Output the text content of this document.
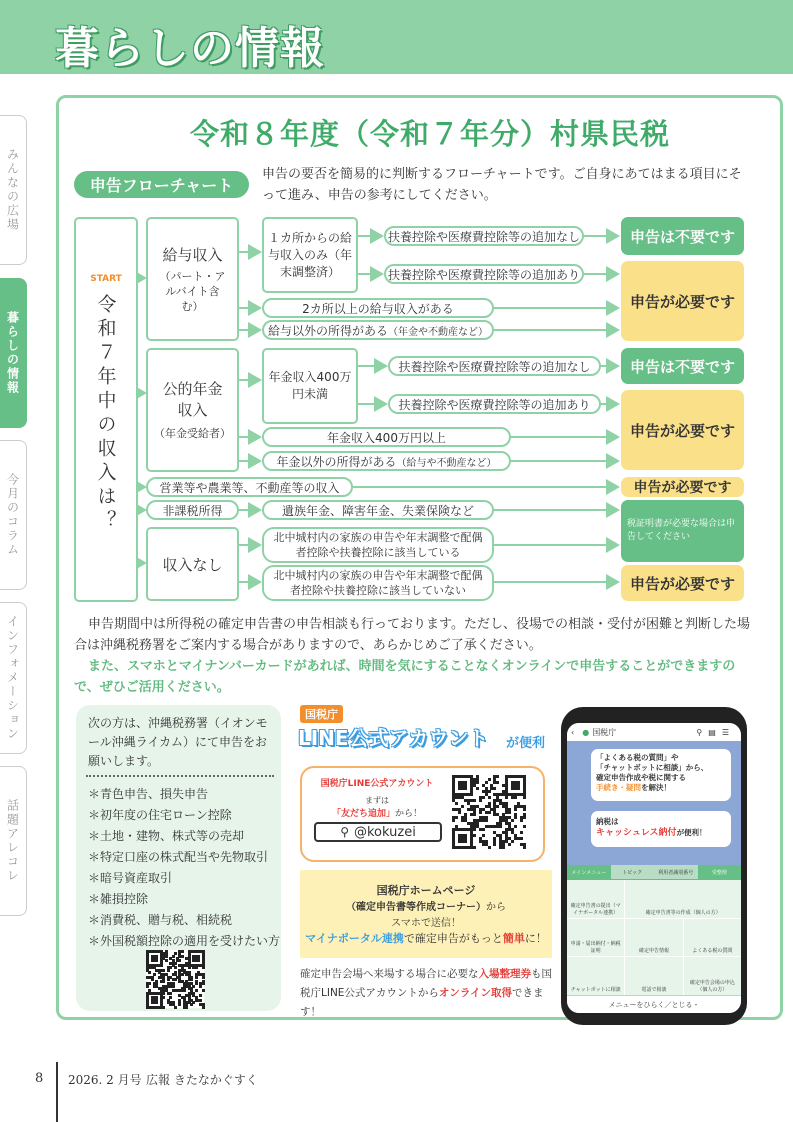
暮らしの情報
みんなの広場
暮らしの情報
今月のコラム
インフォメーション
話題アレコレ
令和８年度（令和７年分）村県民税
申告フローチャート
申告の要否を簡易的に判断するフローチャートです。ご自身にあてはまる項目にそって進み、申告の参考にしてください。
START
令和７年中の収入は？
給与収入
（パート・アルバイト含む）
１カ所からの給与収入のみ（年末調整済）
扶養控除や医療費控除等の追加なし
扶養控除や医療費控除等の追加あり
2カ所以上の給与収入がある
給与以外の所得がある （年金や不動産など）
公的年金収入
（年金受給者）
年金収入400万円未満
扶養控除や医療費控除等の追加なし
扶養控除や医療費控除等の追加あり
年金収入400万円以上
年金以外の所得がある （給与や不動産など）
営業等や農業等、不動産等の収入
非課税所得	遺族年金、障害年金、失業保険など
収入なし
北中城村内の家族の申告や年末調整で配偶者控除や扶養控除に該当している
北中城村内の家族の申告や年末調整で配偶者控除や扶養控除に該当していない
申告は不要です
申告が必要です
申告は不要です
申告が必要です
申告が必要です
税証明書が必要な場合は申告してください
申告が必要です
申告期間中は所得税の確定申告書の申告相談も行っております。ただし、役場での相談・受付が困難と判断した場合は沖縄税務署をご案内する場合がありますので、あらかじめご了承ください。
また、スマホとマイナンバーカードがあれば、時間を気にすることなくオンラインで申告することができますので、ぜひご活用ください。
次の方は、沖縄税務署（イオンモール沖縄ライカム）にて申告をお願いします。
＊青色申告、損失申告
＊初年度の住宅ローン控除
＊土地・建物、株式等の売却
＊特定口座の株式配当や先物取引
＊暗号資産取引
＊雑損控除
＊消費税、贈与税、相続税
＊外国税額控除の適用を受けたい方
国税庁
LINE公式アカウント が便利
国税庁LINE公式アカウント
まずは
「友だち追加」から！
⚲ @kokuzei
国税庁ホームページ
（確定申告書等作成コーナー）から
スマホで送信！
マイナポータル連携で確定申告がもっと簡単に！
確定申告会場へ来場する場合に必要な入場整理券も国税庁LINE公式アカウントからオンライン取得できます！
‹ ● 国税庁	⚲▤☰
「よくある税の質問」や
「チャットボットに相談」から、
確定申告作成や税に関する
手続き・疑問を解決！
納税は
キャッシュレス納付が便利！
メインメニュー	トピック	利用者識別番号	受整理
確定申告書の提出（マイナポータル連携）	確定申告書等の作成（個人の方）
申請・届出納付・納税証明	確定申告情報	よくある税の質問
チャットボットに相談	電話で相談
確定申告会場の申込（個人の方）
メニューをひらく／とじる・
8 2026. 2 月号 広報 きたなかぐすく
